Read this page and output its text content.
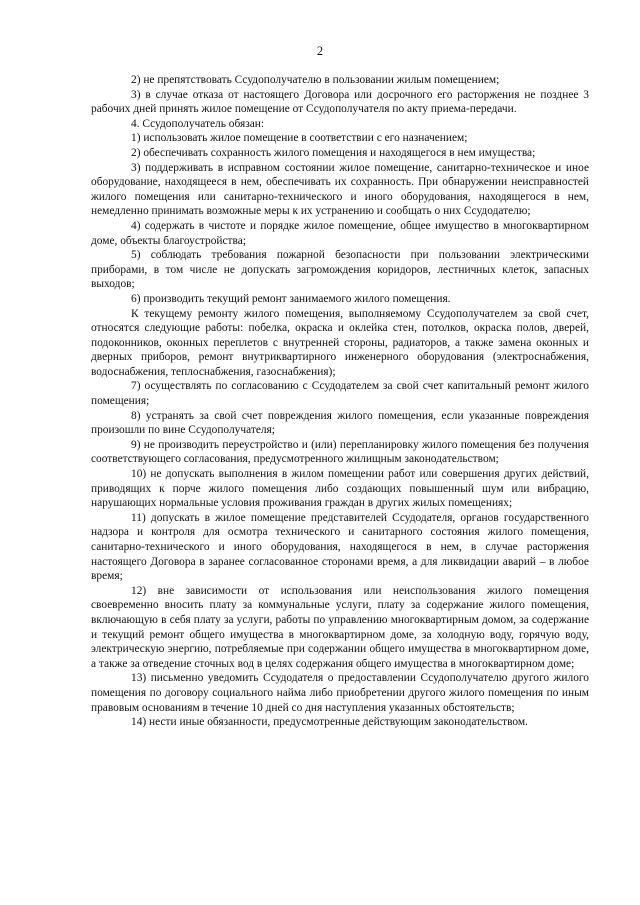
2

2) не препятствовать Ссудополучателю в пользовании жилым помещением;

3) в случае отказа от настоящего Договора или досрочного его расторжения не позднее 3 рабочих дней принять жилое помещение от Ссудополучателя по акту приема-передачи.

4. Ссудополучатель обязан:

1) использовать жилое помещение в соответствии с его назначением;

2) обеспечивать сохранность жилого помещения и находящегося в нем имущества;

3) поддерживать в исправном состоянии жилое помещение, санитарно-техническое и иное оборудование, находящееся в нем, обеспечивать их сохранность. При обнаружении неисправностей жилого помещения или санитарно-технического и иного оборудования, находящегося в нем, немедленно принимать возможные меры к их устранению и сообщать о них Ссудодателю;

4) содержать в чистоте и порядке жилое помещение, общее имущество в многоквартирном доме, объекты благоустройства;

5) соблюдать требования пожарной безопасности при пользовании электрическими приборами, в том числе не допускать загромождения коридоров, лестничных клеток, запасных выходов;

6) производить текущий ремонт занимаемого жилого помещения.

К текущему ремонту жилого помещения, выполняемому Ссудополучателем за свой счет, относятся следующие работы: побелка, окраска и оклейка стен, потолков, окраска полов, дверей, подоконников, оконных переплетов с внутренней стороны, радиаторов, а также замена оконных и дверных приборов, ремонт внутриквартирного инженерного оборудования (электроснабжения, водоснабжения, теплоснабжения, газоснабжения);

7) осуществлять по согласованию с Ссудодателем за свой счет капитальный ремонт жилого помещения;

8) устранять за свой счет повреждения жилого помещения, если указанные повреждения произошли по вине Ссудополучателя;

9) не производить переустройство и (или) перепланировку жилого помещения без получения соответствующего согласования, предусмотренного жилищным законодательством;

10) не допускать выполнения в жилом помещении работ или совершения других действий, приводящих к порче жилого помещения либо создающих повышенный шум или вибрацию, нарушающих нормальные условия проживания граждан в других жилых помещениях;

11) допускать в жилое помещение представителей Ссудодателя, органов государственного надзора и контроля для осмотра технического и санитарного состояния жилого помещения, санитарно-технического и иного оборудования, находящегося в нем, в случае расторжения настоящего Договора в заранее согласованное сторонами время, а для ликвидации аварий – в любое время;

12) вне зависимости от использования или неиспользования жилого помещения своевременно вносить плату за коммунальные услуги, плату за содержание жилого помещения, включающую в себя плату за услуги, работы по управлению многоквартирным домом, за содержание и текущий ремонт общего имущества в многоквартирном доме, за холодную воду, горячую воду, электрическую энергию, потребляемые при содержании общего имущества в многоквартирном доме, а также за отведение сточных вод в целях содержания общего имущества в многоквартирном доме;

13) письменно уведомить Ссудодателя о предоставлении Ссудополучателю другого жилого помещения по договору социального найма либо приобретении другого жилого помещения по иным правовым основаниям в течение 10 дней со дня наступления указанных обстоятельств;

14) нести иные обязанности, предусмотренные действующим законодательством.
